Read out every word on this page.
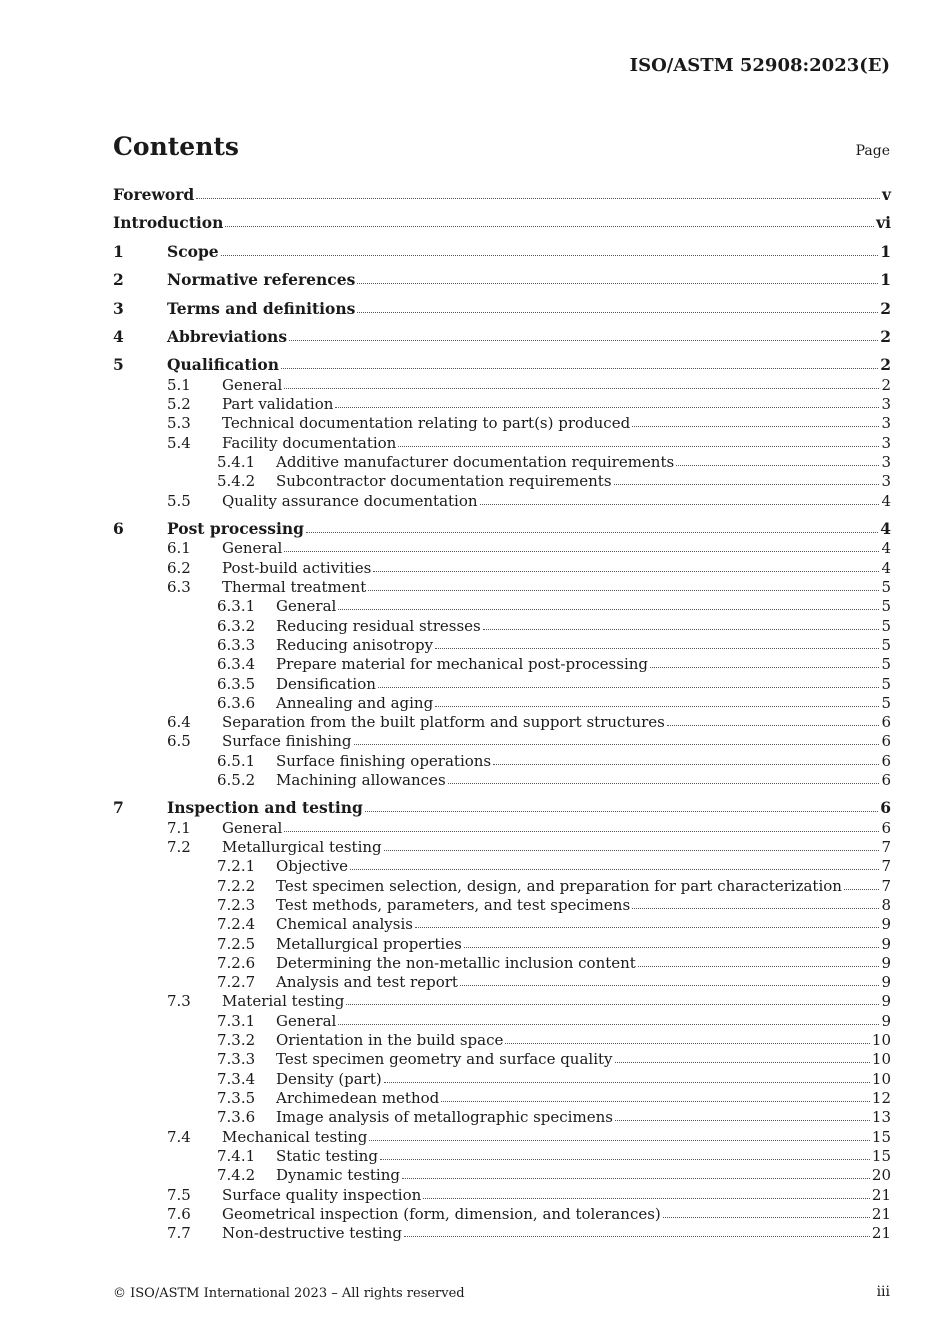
ISO/ASTM 52908:2023(E)
Contents	Page
Foreword	v
Introduction	vi
1	Scope	1
2	Normative references	1
3	Terms and definitions	2
4	Abbreviations	2
5	Qualification	2
5.1 General	2
5.2 Part validation	3
5.3 Technical documentation relating to part(s) produced	3
5.4 Facility documentation	3
5.4.1 Additive manufacturer documentation requirements	3
5.4.2 Subcontractor documentation requirements	3
5.5 Quality assurance documentation	4
6	Post processing	4
6.1 General	4
6.2 Post-build activities	4
6.3 Thermal treatment	5
6.3.1 General	5
6.3.2 Reducing residual stresses	5
6.3.3 Reducing anisotropy	5
6.3.4 Prepare material for mechanical post-processing	5
6.3.5 Densification	5
6.3.6 Annealing and aging	5
6.4 Separation from the built platform and support structures	6
6.5 Surface finishing	6
6.5.1 Surface finishing operations	6
6.5.2 Machining allowances	6
7	Inspection and testing	6
7.1 General	6
7.2 Metallurgical testing	7
7.2.1 Objective	7
7.2.2 Test specimen selection, design, and preparation for part characterization	7
7.2.3 Test methods, parameters, and test specimens	8
7.2.4 Chemical analysis	9
7.2.5 Metallurgical properties	9
7.2.6 Determining the non-metallic inclusion content	9
7.2.7 Analysis and test report	9
7.3 Material testing	9
7.3.1 General	9
7.3.2 Orientation in the build space	10
7.3.3 Test specimen geometry and surface quality	10
7.3.4 Density (part)	10
7.3.5 Archimedean method	12
7.3.6 Image analysis of metallographic specimens	13
7.4 Mechanical testing	15
7.4.1 Static testing	15
7.4.2 Dynamic testing	20
7.5 Surface quality inspection	21
7.6 Geometrical inspection (form, dimension, and tolerances)	21
7.7 Non-destructive testing	21
© ISO/ASTM International 2023 – All rights reserved	iii
